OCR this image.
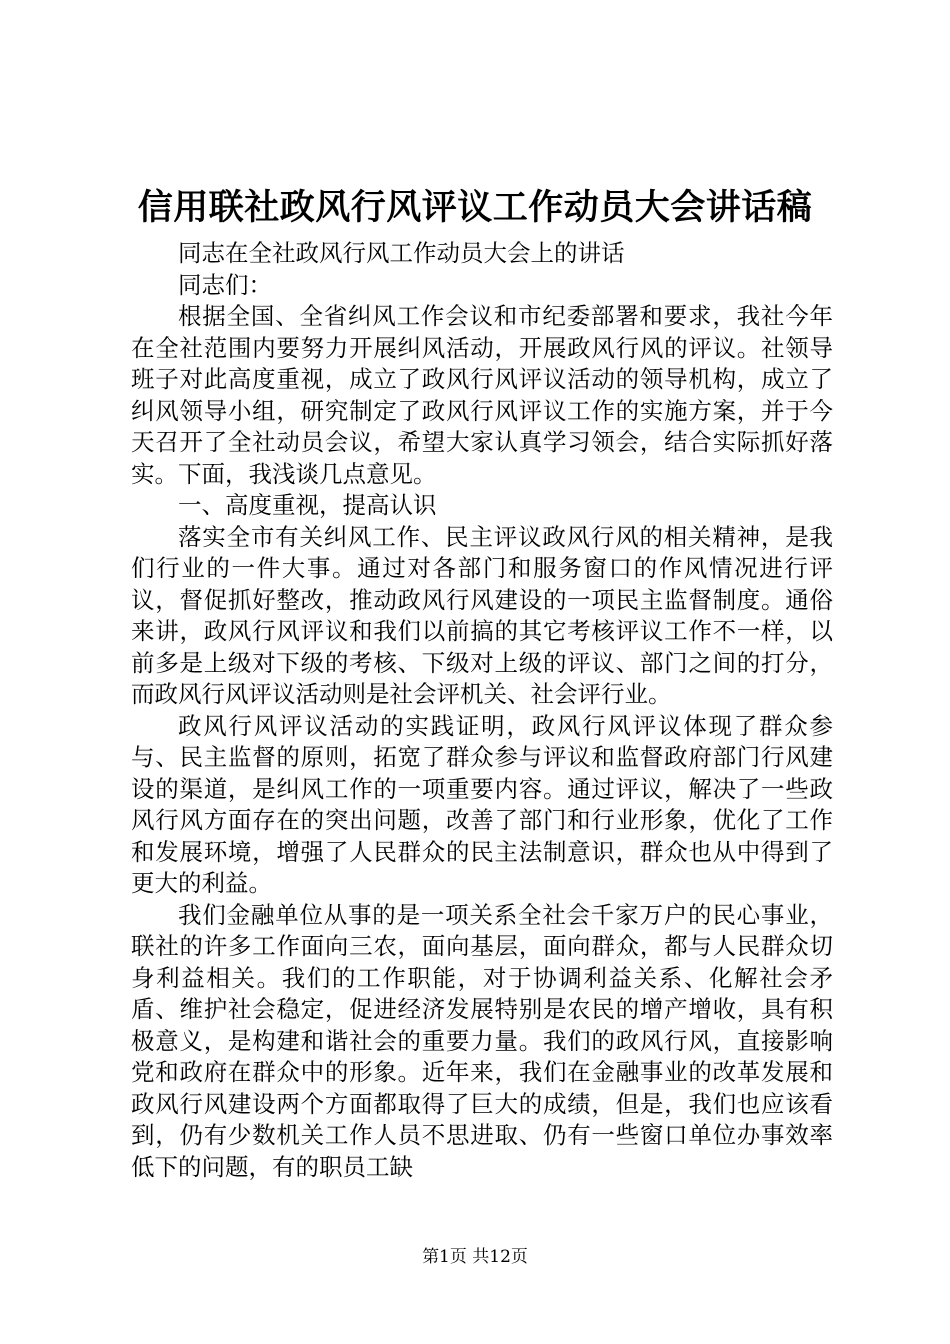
信用联社政风行风评议工作动员大会讲话稿

同志在全社政风行风工作动员大会上的讲话

同志们：

根据全国、全省纠风工作会议和市纪委部署和要求，我社今年在全社范围内要努力开展纠风活动，开展政风行风的评议。社领导班子对此高度重视，成立了政风行风评议活动的领导机构，成立了纠风领导小组，研究制定了政风行风评议工作的实施方案，并于今天召开了全社动员会议，希望大家认真学习领会，结合实际抓好落实。下面，我浅谈几点意见。

一、高度重视，提高认识

落实全市有关纠风工作、民主评议政风行风的相关精神，是我们行业的一件大事。通过对各部门和服务窗口的作风情况进行评议，督促抓好整改，推动政风行风建设的一项民主监督制度。通俗来讲，政风行风评议和我们以前搞的其它考核评议工作不一样，以前多是上级对下级的考核、下级对上级的评议、部门之间的打分，而政风行风评议活动则是社会评机关、社会评行业。

政风行风评议活动的实践证明，政风行风评议体现了群众参与、民主监督的原则，拓宽了群众参与评议和监督政府部门行风建设的渠道，是纠风工作的一项重要内容。通过评议，解决了一些政风行风方面存在的突出问题，改善了部门和行业形象，优化了工作和发展环境，增强了人民群众的民主法制意识，群众也从中得到了更大的利益。

我们金融单位从事的是一项关系全社会千家万户的民心事业，联社的许多工作面向三农，面向基层，面向群众，都与人民群众切身利益相关。我们的工作职能，对于协调利益关系、化解社会矛盾、维护社会稳定，促进经济发展特别是农民的增产增收，具有积极意义，是构建和谐社会的重要力量。我们的政风行风，直接影响党和政府在群众中的形象。近年来，我们在金融事业的改革发展和政风行风建设两个方面都取得了巨大的成绩，但是，我们也应该看到，仍有少数机关工作人员不思进取、仍有一些窗口单位办事效率低下的问题，有的职员工缺

第1页 共12页
